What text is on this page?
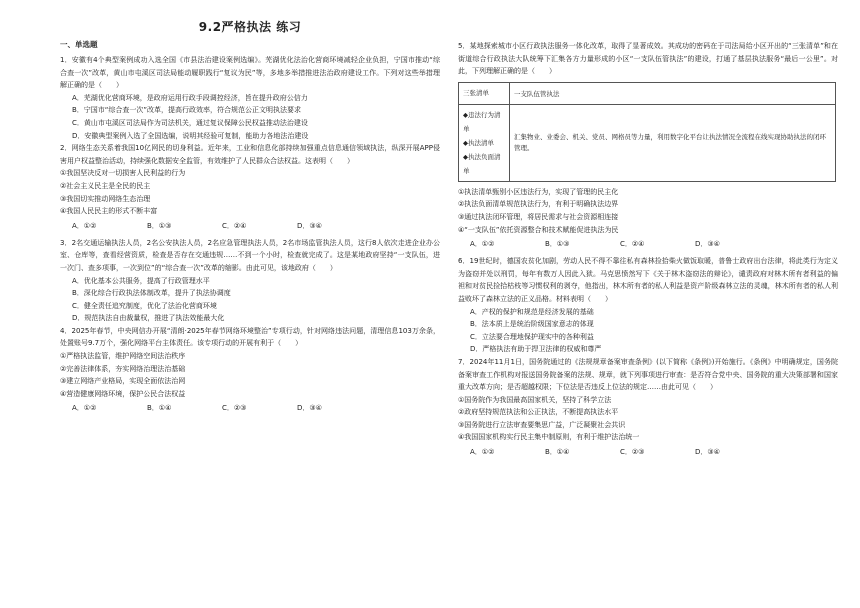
9.2严格执法 练习
一、单选题

1．安徽有4个典型案例成功入选全国《市县法治建设案例选编》。芜湖优化法治化营商环境减轻企业负担，宁国市推动“综合查一次”改革，黄山市屯溪区司法局能动履职践行“复议为民”等，多地多举措推进法治政府建设工作。下列对这些举措理解正确的是（　　）

A．芜湖优化营商环境，是政府运用行政手段调控经济，旨在提升政府公信力

B．宁国市“综合查一次”改革，提高行政效率，符合规范公正文明执法要求

C．黄山市屯溪区司法局作为司法机关，通过复议保障公民权益推动法治建设

D．安徽典型案例入选了全国选编，说明其经验可复制，能助力各地法治建设

2．网络生态关系着我国10亿网民的切身利益。近年来，工业和信息化部持续加强重点信息通信领域执法，纵深开展APP侵害用户权益整治活动，持续强化数据安全监管，有效维护了人民群众合法权益。这表明（　　）

①我国坚决反对一切损害人民利益的行为

②社会主义民主是全民的民主

③我国切实推动网络生态治理

④我国人民民主的形式不断丰富

A．①②	B．①③	C．②④	D．③④

3．2名交通运输执法人员，2名公安执法人员，2名应急管理执法人员，2名市场监管执法人员，这行8人依次走进企业办公室、仓库等，查看经营资质，检查是否存在交通违规……不到一个小时，检查就完成了。这是某地政府坚持“一支队伍，进一次门、查多项事，一次到位”的“综合查一次”改革的缩影。由此可见，该地政府（　　）

A．优化基本公共服务，提高了行政管理水平

B．深化综合行政执法体制改革，提升了执法协调度

C．健全责任追究制度，优化了法治化营商环境

D．规范执法自由裁量权，推进了执法效能最大化

4．2025年春节，中央网信办开展“清朗·2025年春节网络环境整治”专项行动，针对网络违法问题，清理信息103万余条，处置账号9.7万个，强化网络平台主体责任。该专项行动的开展有利于（　　）

①严格执法监管，维护网络空间法治秩序

②完善法律体系，夯实网络治理法治基础

③建立网络产业格局，实现全面依法治网

④营造健康网络环境，保护公民合法权益

A．①②	B．①④	C．②③	D．③④

5．某地探索城市小区行政执法服务一体化改革，取得了显著成效。其成功的密码在于司法局给小区开出的“三张清单”和在街道综合行政执法大队统筹下汇集各方力量形成的小区“一支队伍管执法”的建设，打通了基层执法服务“最后一公里”。对此，下列理解正确的是（　　）

三张清单	一支队伍管执法

◆违法行为清单
◆执法清单
◆执法负面清单	汇集物业、业委会、机关、党员、网格员等力量，利用数字化平台让执法情况全流程在线实现协助执法的闭环管理。

①执法清单甄别小区违法行为，实现了管理的民主化

②执法负面清单规范执法行为，有利于明确执法边界

③通过执法闭环管理，将居民需求与社会资源相连接

④“一支队伍”依托资源整合和技术赋能促进执法为民

A．①②	B．①③	C．②④	D．③④

6．19世纪时，德国农贫化加剧，劳动人民不得不靠往私有森林捡拾柴火做饭取暖，普鲁士政府出台法律，将此类行为定义为盗窃并处以刑罚，每年有数万人因此入狱。马克思愤然写下《关于林木盗窃法的辩论》，谴责政府对林木所有者利益的偏袒和对贫民捡拾枯枝等习惯权利的剥夺，他指出，林木所有者的私人利益是资产阶级森林立法的灵魂，林木所有者的私人利益败坏了森林立法的正义品格。材料表明（　　）

A．产权的保护和规范是经济发展的基础

B．法本质上是统治阶级国家意志的体现

C．立法要合理地保护现实中的各种利益

D．严格执法有助于捍卫法律的权威和尊严

7．2024年11月1日，国务院通过的《法规规章备案审查条例》(以下简称《条例》)开始施行。《条例》中明确规定，国务院备案审查工作机构对报送国务院备案的法规、规章，就下列事项进行审查：是否符合党中央、国务院的重大决策部署和国家重大改革方向；是否超越权限；下位法是否违反上位法的规定……由此可见（　　）

①国务院作为我国最高国家机关，坚持了科学立法

②政府坚持规范执法和公正执法，不断提高执法水平

③国务院进行立法审查要集思广益，广泛凝聚社会共识

④我国国家机构实行民主集中制原则，有利于维护法治统一

A．①②	B．①④	C．②③	D．③④
